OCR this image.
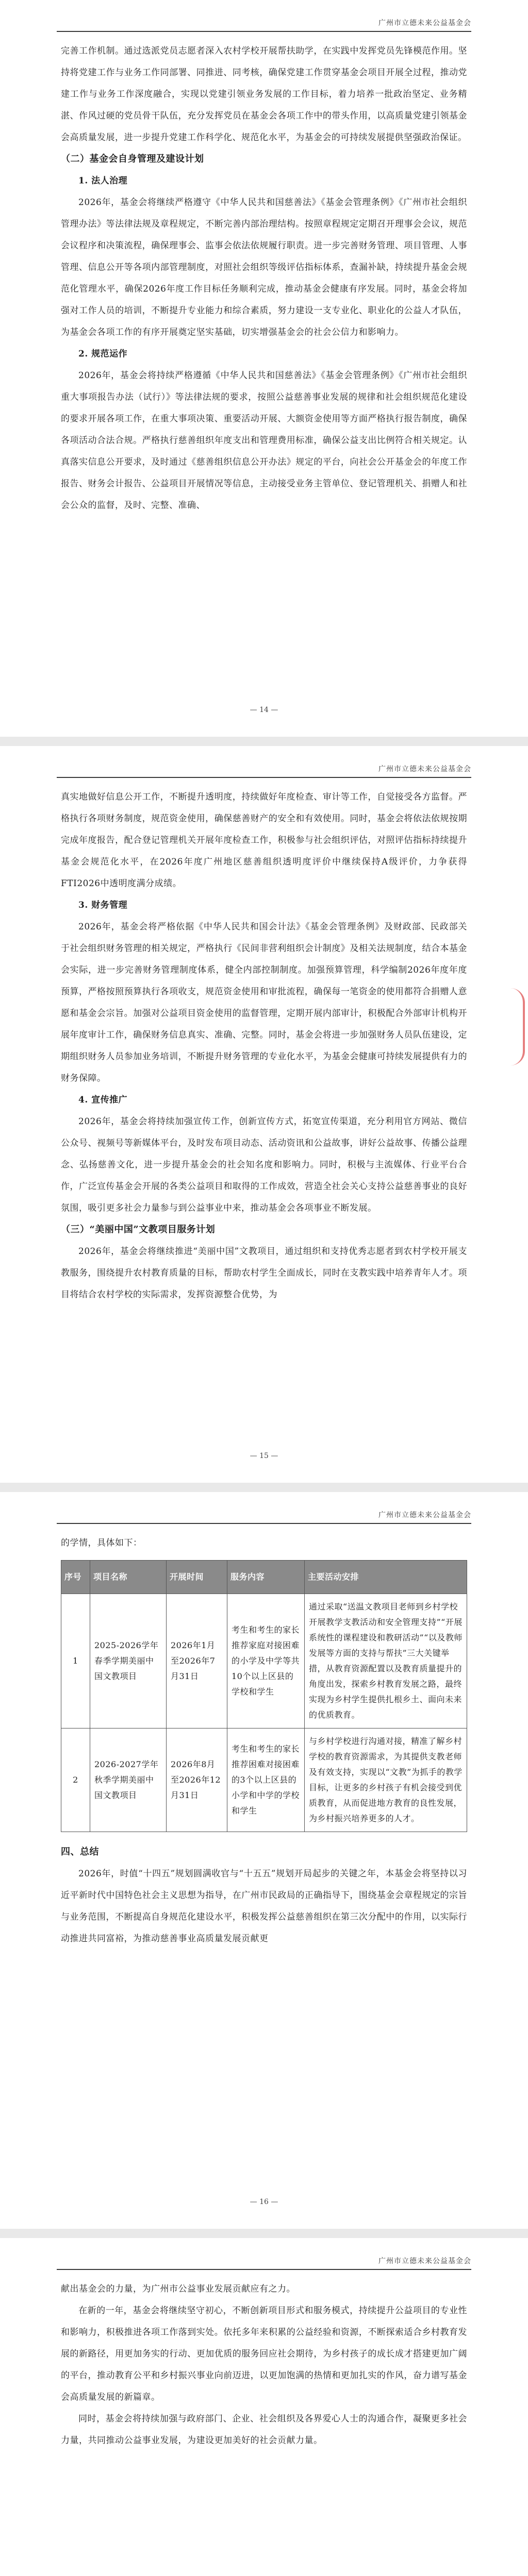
广州市立德未来公益基金会

完善工作机制。通过选派党员志愿者深入农村学校开展帮扶助学，在实践中发挥党员先锋模范作用。坚持将党建工作与业务工作同部署、同推进、同考核，确保党建工作贯穿基金会项目开展全过程，推动党建工作与业务工作深度融合，实现以党建引领业务发展的工作目标，着力培养一批政治坚定、业务精湛、作风过硬的党员骨干队伍，充分发挥党员在基金会各项工作中的带头作用，以高质量党建引领基金会高质量发展，进一步提升党建工作科学化、规范化水平，为基金会的可持续发展提供坚强政治保证。

（二）基金会自身管理及建设计划
1. 法人治理

2026年，基金会将继续严格遵守《中华人民共和国慈善法》《基金会管理条例》《广州市社会组织管理办法》等法律法规及章程规定，不断完善内部治理结构。按照章程规定定期召开理事会会议，规范会议程序和决策流程，确保理事会、监事会依法依规履行职责。进一步完善财务管理、项目管理、人事管理、信息公开等各项内部管理制度，对照社会组织等级评估指标体系，查漏补缺，持续提升基金会规范化管理水平，确保2026年度工作目标任务顺利完成，推动基金会健康有序发展。同时，基金会将加强对工作人员的培训，不断提升专业能力和综合素质，努力建设一支专业化、职业化的公益人才队伍，为基金会各项工作的有序开展奠定坚实基础，切实增强基金会的社会公信力和影响力。

2. 规范运作

2026年，基金会将持续严格遵循《中华人民共和国慈善法》《基金会管理条例》《广州市社会组织重大事项报告办法（试行）》等法律法规的要求，按照公益慈善事业发展的规律和社会组织规范化建设的要求开展各项工作，在重大事项决策、重要活动开展、大额资金使用等方面严格执行报告制度，确保各项活动合法合规。严格执行慈善组织年度支出和管理费用标准，确保公益支出比例符合相关规定。认真落实信息公开要求，及时通过《慈善组织信息公开办法》规定的平台，向社会公开基金会的年度工作报告、财务会计报告、公益项目开展情况等信息，主动接受业务主管单位、登记管理机关、捐赠人和社会公众的监督，及时、完整、准确、

— 14 —
广州市立德未来公益基金会

真实地做好信息公开工作，不断提升透明度，持续做好年度检查、审计等工作，自觉接受各方监督。严格执行各项财务制度，规范资金使用，确保慈善财产的安全和有效使用。同时，基金会将依法依规按期完成年度报告，配合登记管理机关开展年度检查工作，积极参与社会组织评估，对照评估指标持续提升基金会规范化水平，在2026年度广州地区慈善组织透明度评价中继续保持A级评价，力争获得FTI2026中透明度满分成绩。

3. 财务管理

2026年，基金会将严格依据《中华人民共和国会计法》《基金会管理条例》及财政部、民政部关于社会组织财务管理的相关规定，严格执行《民间非营利组织会计制度》及相关法规制度，结合本基金会实际，进一步完善财务管理制度体系，健全内部控制制度。加强预算管理，科学编制2026年度年度预算，严格按照预算执行各项收支，规范资金使用和审批流程，确保每一笔资金的使用都符合捐赠人意愿和基金会宗旨。加强对公益项目资金使用的监督管理，定期开展内部审计，积极配合外部审计机构开展年度审计工作，确保财务信息真实、准确、完整。同时，基金会将进一步加强财务人员队伍建设，定期组织财务人员参加业务培训，不断提升财务管理的专业化水平，为基金会健康可持续发展提供有力的财务保障。

4. 宣传推广

2026年，基金会将持续加强宣传工作，创新宣传方式，拓宽宣传渠道，充分利用官方网站、微信公众号、视频号等新媒体平台，及时发布项目动态、活动资讯和公益故事，讲好公益故事、传播公益理念、弘扬慈善文化，进一步提升基金会的社会知名度和影响力。同时，积极与主流媒体、行业平台合作，广泛宣传基金会开展的各类公益项目和取得的工作成效，营造全社会关心支持公益慈善事业的良好氛围，吸引更多社会力量参与到公益事业中来，推动基金会各项事业不断发展。

（三）“美丽中国”文教项目服务计划

2026年，基金会将继续推进“美丽中国”文教项目，通过组织和支持优秀志愿者到农村学校开展支教服务，围绕提升农村教育质量的目标，帮助农村学生全面成长，同时在支教实践中培养青年人才。项目将结合农村学校的实际需求，发挥资源整合优势，为

— 15 —
广州市立德未来公益基金会

的学情，具体如下：

序号	项目名称	开展时间	服务内容	主要活动安排
1	2025-2026学年春季学期美丽中国文教项目	2026年1月至2026年7月31日	考生和考生的家长推荐家庭对接困难的小学及中学等共10个以上区县的学校和学生	通过采取“送温文教项目老师到乡村学校开展教学支教活动和安全管理支持”“开展系统性的课程建设和教研活动”“以及教师发展等方面的支持与帮扶”三大关键举措，从教育资源配置以及教育质量提升的角度出发，探索乡村教育发展之路，最终实现为乡村学生提供扎根乡土、面向未来的优质教育。
2	2026-2027学年秋季学期美丽中国文教项目	2026年8月至2026年12月31日	考生和考生的家长推荐困难对接困难的3个以上区县的小学和中学的学校和学生	与乡村学校进行沟通对接，精准了解乡村学校的教育资源需求，为其提供支教老师及有效支持，实现以“文教”为抓手的教学目标，让更多的乡村孩子有机会接受到优质教育，从而促进地方教育的良性发展，为乡村振兴培养更多的人才。
四、总结

2026年，时值“十四五”规划圆满收官与“十五五”规划开局起步的关键之年，本基金会将坚持以习近平新时代中国特色社会主义思想为指导，在广州市民政局的正确指导下，围绕基金会章程规定的宗旨与业务范围，不断提高自身规范化建设水平，积极发挥公益慈善组织在第三次分配中的作用，以实际行动推进共同富裕，为推动慈善事业高质量发展贡献更

— 16 —
广州市立德未来公益基金会

献出基金会的力量，为广州市公益事业发展贡献应有之力。

在新的一年，基金会将继续坚守初心，不断创新项目形式和服务模式，持续提升公益项目的专业性和影响力，积极推进各项工作落到实处。依托多年来积累的公益经验和资源，不断探索适合乡村教育发展的新路径，用更加务实的行动、更加优质的服务回应社会期待，为乡村孩子的成长成才搭建更加广阔的平台，推动教育公平和乡村振兴事业向前迈进，以更加饱满的热情和更加扎实的作风，奋力谱写基金会高质量发展的新篇章。

同时，基金会将持续加强与政府部门、企业、社会组织及各界爱心人士的沟通合作，凝聚更多社会力量，共同推动公益事业发展，为建设更加美好的社会贡献力量。
